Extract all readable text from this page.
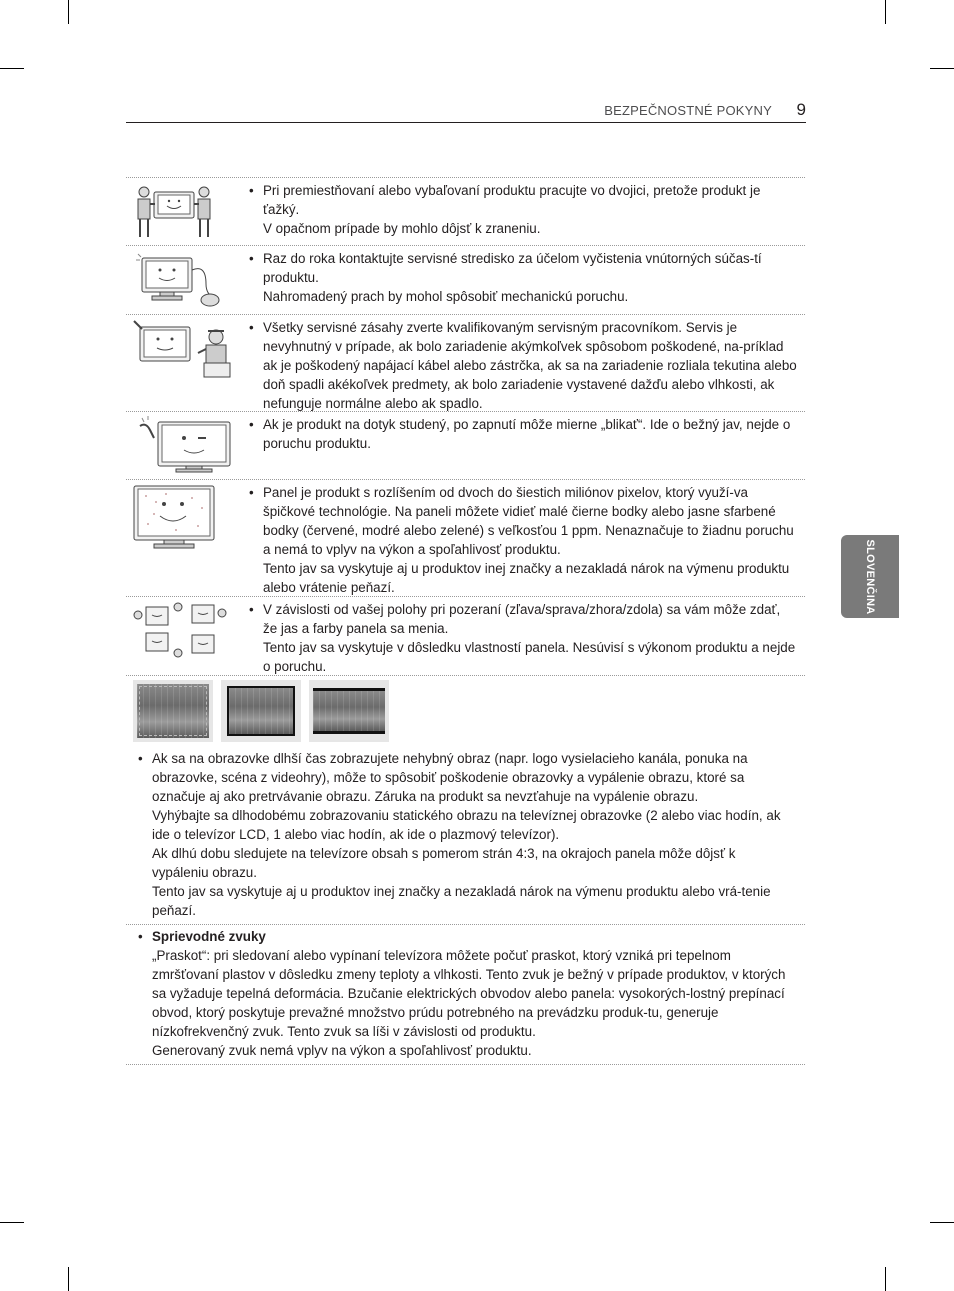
BEZPEČNOSTNÉ POKYNY 9
SLOVENČINA
• Pri premiestňovaní alebo vybaľovaní produktu pracujte vo dvojici, pretože produkt je ťažký.

V opačnom prípade by mohlo dôjsť k zraneniu.

• Raz do roka kontaktujte servisné stredisko za účelom vyčistenia vnútorných súčas-tí produktu.

Nahromadený prach by mohol spôsobiť mechanickú poruchu.

• Všetky servisné zásahy zverte kvalifikovaným servisným pracovníkom. Servis je nevyhnutný v prípade, ak bolo zariadenie akýmkoľvek spôsobom poškodené, na-príklad ak je poškodený napájací kábel alebo zástrčka, ak sa na zariadenie rozliala tekutina alebo doň spadli akékoľvek predmety, ak bolo zariadenie vystavené dažďu alebo vlhkosti, ak nefunguje normálne alebo ak spadlo.

• Ak je produkt na dotyk studený, po zapnutí môže mierne „blikať“. Ide o bežný jav, nejde o poruchu produktu.

• Panel je produkt s rozlíšením od dvoch do šiestich miliónov pixelov, ktorý využí-va špičkové technológie. Na paneli môžete vidieť malé čierne bodky alebo jasne sfarbené bodky (červené, modré alebo zelené) s veľkosťou 1 ppm. Nenaznačuje to žiadnu poruchu a nemá to vplyv na výkon a spoľahlivosť produktu.

Tento jav sa vyskytuje aj u produktov inej značky a nezakladá nárok na výmenu produktu alebo vrátenie peňazí.

• V závislosti od vašej polohy pri pozeraní (zľava/sprava/zhora/zdola) sa vám môže zdať, že jas a farby panela sa menia.

Tento jav sa vyskytuje v dôsledku vlastností panela. Nesúvisí s výkonom produktu a nejde o poruchu.

• Ak sa na obrazovke dlhší čas zobrazujete nehybný obraz (napr. logo vysielacieho kanála, ponuka na obrazovke, scéna z videohry), môže to spôsobiť poškodenie obrazovky a vypálenie obrazu, ktoré sa označuje aj ako pretrvávanie obrazu. Záruka na produkt sa nevzťahuje na vypálenie obrazu.

Vyhýbajte sa dlhodobému zobrazovaniu statického obrazu na televíznej obrazovke (2 alebo viac hodín, ak ide o televízor LCD, 1 alebo viac hodín, ak ide o plazmový televízor).

Ak dlhú dobu sledujete na televízore obsah s pomerom strán 4:3, na okrajoch panela môže dôjsť k vypáleniu obrazu.

Tento jav sa vyskytuje aj u produktov inej značky a nezakladá nárok na výmenu produktu alebo vrá-tenie peňazí.

• Sprievodné zvuky

„Praskot“: pri sledovaní alebo vypínaní televízora môžete počuť praskot, ktorý vzniká pri tepelnom zmršťovaní plastov v dôsledku zmeny teploty a vlhkosti. Tento zvuk je bežný v prípade produktov, v ktorých sa vyžaduje tepelná deformácia. Bzučanie elektrických obvodov alebo panela: vysokorých-lostný prepínací obvod, ktorý poskytuje prevažné množstvo prúdu potrebného na prevádzku produk-tu, generuje nízkofrekvenčný zvuk. Tento zvuk sa líši v závislosti od produktu.

Generovaný zvuk nemá vplyv na výkon a spoľahlivosť produktu.
